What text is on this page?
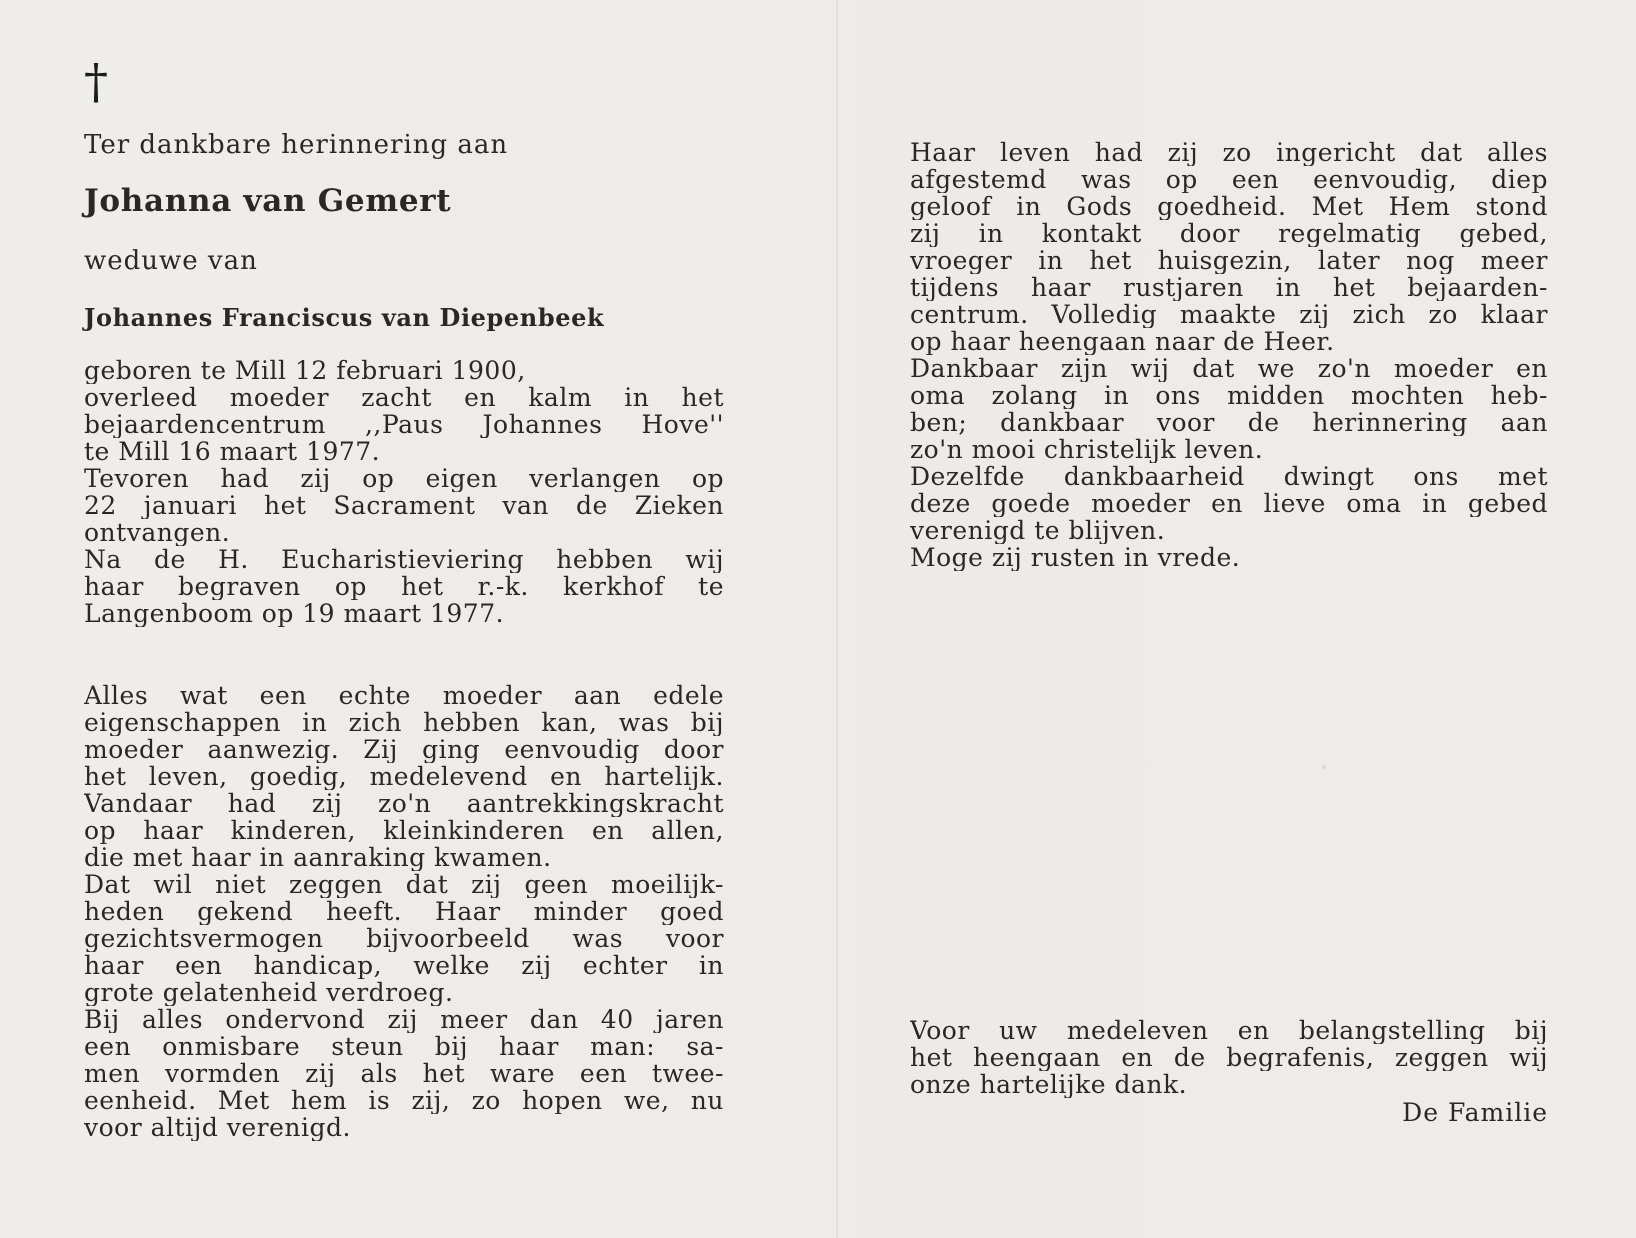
†
Ter dankbare herinnering aan
Johanna van Gemert
weduwe van
Johannes Franciscus van Diepenbeek
geboren te Mill 12 februari 1900,
overleed moeder zacht en kalm in het
bejaardencentrum ,,Paus Johannes Hove''
te Mill 16 maart 1977.
Tevoren had zij op eigen verlangen op
22 januari het Sacrament van de Zieken
ontvangen.
Na de H. Eucharistieviering hebben wij
haar begraven op het r.-k. kerkhof te
Langenboom op 19 maart 1977.
Alles wat een echte moeder aan edele
eigenschappen in zich hebben kan, was bij
moeder aanwezig. Zij ging eenvoudig door
het leven, goedig, medelevend en hartelijk.
Vandaar had zij zo'n aantrekkingskracht
op haar kinderen, kleinkinderen en allen,
die met haar in aanraking kwamen.
Dat wil niet zeggen dat zij geen moeilijk-
heden gekend heeft. Haar minder goed
gezichtsvermogen bijvoorbeeld was voor
haar een handicap, welke zij echter in
grote gelatenheid verdroeg.
Bij alles ondervond zij meer dan 40 jaren
een onmisbare steun bij haar man: sa-
men vormden zij als het ware een twee-
eenheid. Met hem is zij, zo hopen we, nu
voor altijd verenigd.
Haar leven had zij zo ingericht dat alles
afgestemd was op een eenvoudig, diep
geloof in Gods goedheid. Met Hem stond
zij in kontakt door regelmatig gebed,
vroeger in het huisgezin, later nog meer
tijdens haar rustjaren in het bejaarden-
centrum. Volledig maakte zij zich zo klaar
op haar heengaan naar de Heer.
Dankbaar zijn wij dat we zo'n moeder en
oma zolang in ons midden mochten heb-
ben; dankbaar voor de herinnering aan
zo'n mooi christelijk leven.
Dezelfde dankbaarheid dwingt ons met
deze goede moeder en lieve oma in gebed
verenigd te blijven.
Moge zij rusten in vrede.
Voor uw medeleven en belangstelling bij
het heengaan en de begrafenis, zeggen wij
onze hartelijke dank.
De Familie
